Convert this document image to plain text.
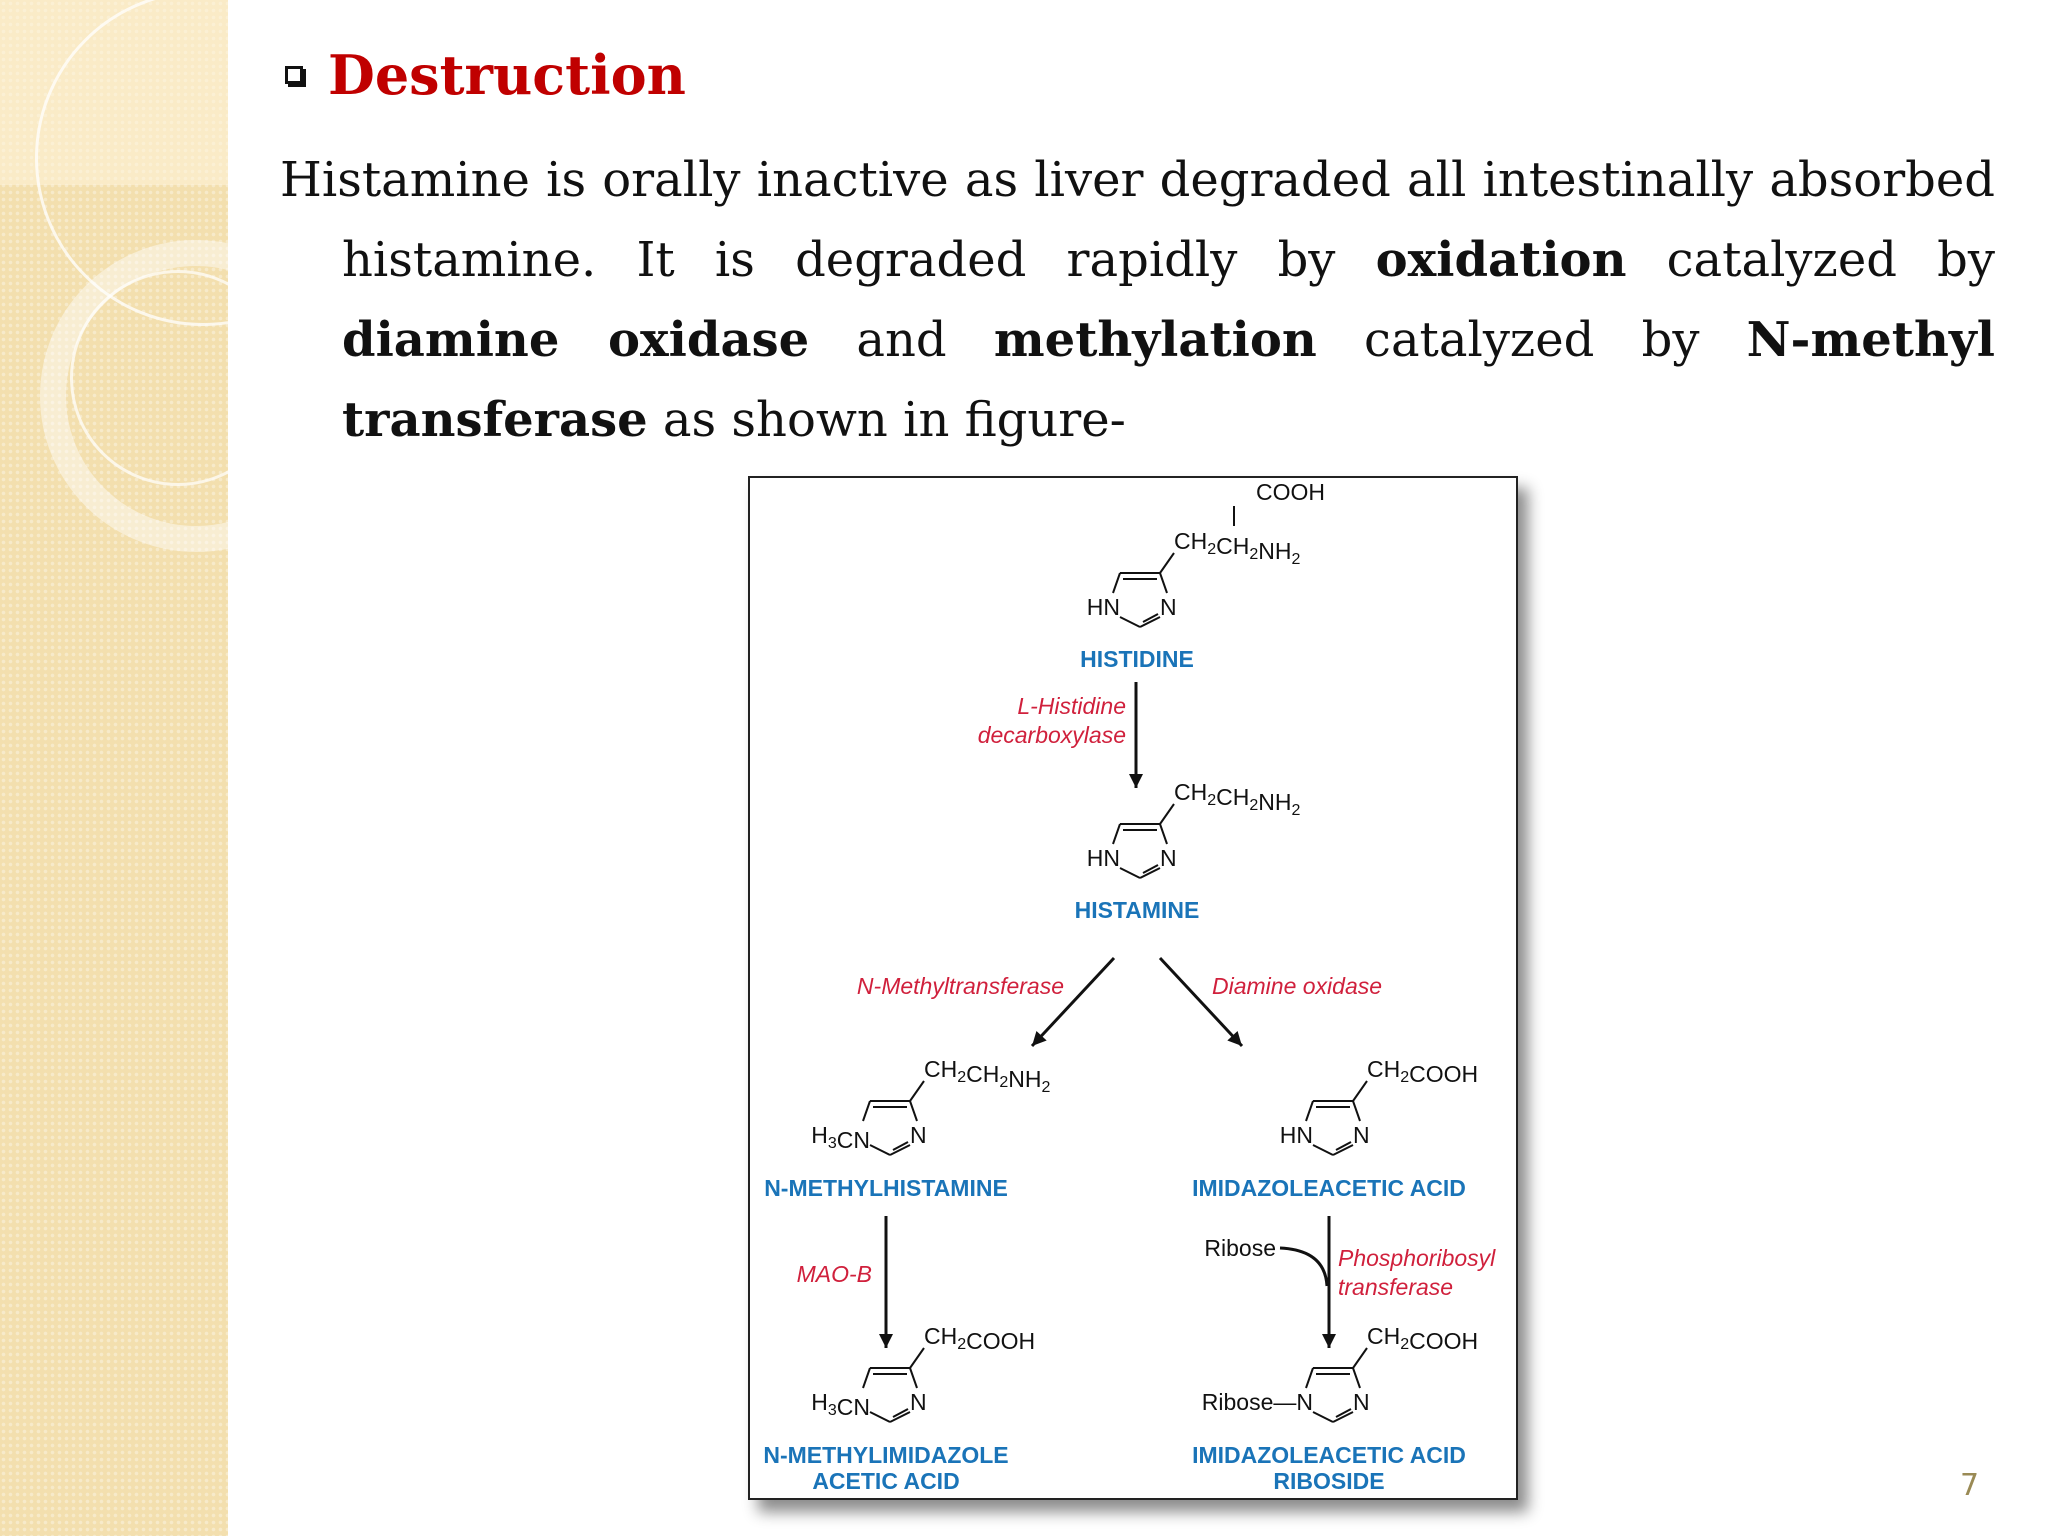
Destruction
Histamine is orally inactive as liver degraded all intestinally absorbed histamine. It is degraded rapidly by oxidation catalyzed by diamine oxidase and methylation catalyzed by N-methyl transferase as shown in figure-
COOH
HN N
$CH_2CH_2NH_2$
HISTIDINE
L-Histidine
decarboxylase
HN N
$CH_2CH_2NH_2$
HISTAMINE
N-Methyltransferase	Diamine oxidase
$H_3CN$ N
$CH_2CH_2NH_2$
N-METHYLHISTAMINE
HN N
$CH_2COOH$
IMIDAZOLEACETIC ACID
MAO-B
Ribose	Phosphoribosyl
transferase
$H_3CN$ N
$CH_2COOH$
N-METHYLIMIDAZOLE
ACETIC ACID
Ribose—N N
$CH_2COOH$
IMIDAZOLEACETIC ACID
RIBOSIDE	7
